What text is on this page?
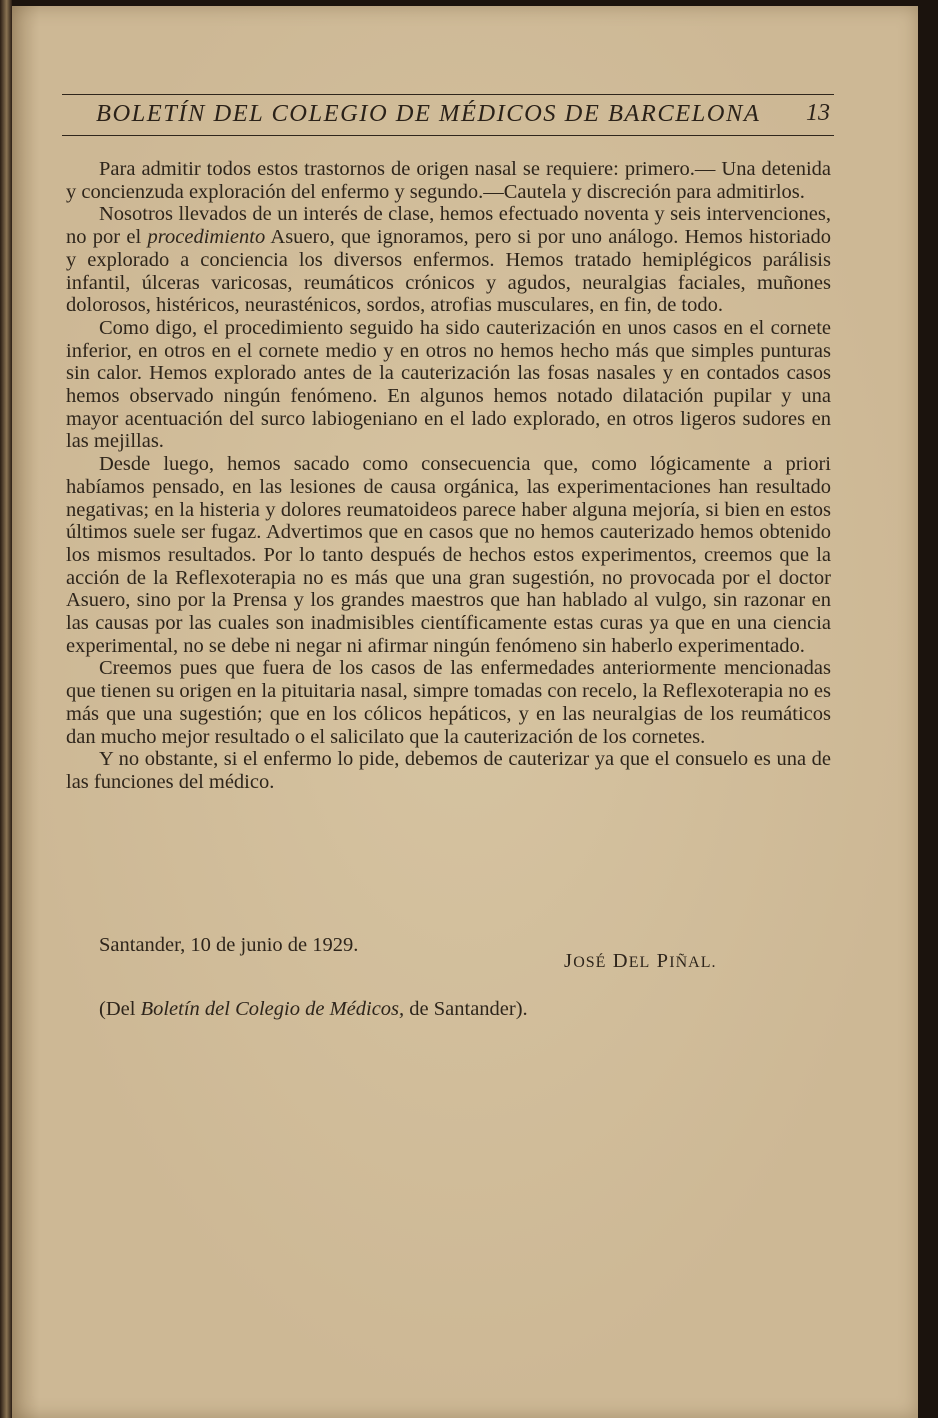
BOLETÍN DEL COLEGIO DE MÉDICOS DE BARCELONA 13

Para admitir todos estos trastornos de origen nasal se requiere: primero.— Una detenida y concienzuda exploración del enfermo y segundo.—Cautela y discreción para admitirlos.

Nosotros llevados de un interés de clase, hemos efectuado noventa y seis intervenciones, no por el procedimiento Asuero, que ignoramos, pero si por uno análogo. Hemos historiado y explorado a conciencia los diversos enfermos. Hemos tratado hemiplégicos parálisis infantil, úlceras varicosas, reumáticos crónicos y agudos, neuralgias faciales, muñones dolorosos, histéricos, neurasténicos, sordos, atrofias musculares, en fin, de todo.

Como digo, el procedimiento seguido ha sido cauterización en unos casos en el cornete inferior, en otros en el cornete medio y en otros no hemos hecho más que simples punturas sin calor. Hemos explorado antes de la cauterización las fosas nasales y en contados casos hemos observado ningún fenómeno. En algunos hemos notado dilatación pupilar y una mayor acentuación del surco labiogeniano en el lado explorado, en otros ligeros sudores en las mejillas.

Desde luego, hemos sacado como consecuencia que, como lógicamente a priori habíamos pensado, en las lesiones de causa orgánica, las experimentaciones han resultado negativas; en la histeria y dolores reumatoideos parece haber alguna mejoría, si bien en estos últimos suele ser fugaz. Advertimos que en casos que no hemos cauterizado hemos obtenido los mismos resultados. Por lo tanto después de hechos estos experimentos, creemos que la acción de la Reflexoterapia no es más que una gran sugestión, no provocada por el doctor Asuero, sino por la Prensa y los grandes maestros que han hablado al vulgo, sin razonar en las causas por las cuales son inadmisibles científicamente estas curas ya que en una ciencia experimental, no se debe ni negar ni afirmar ningún fenómeno sin haberlo experimentado.

Creemos pues que fuera de los casos de las enfermedades anteriormente mencionadas que tienen su origen en la pituitaria nasal, simpre tomadas con recelo, la Reflexoterapia no es más que una sugestión; que en los cólicos hepáticos, y en las neuralgias de los reumáticos dan mucho mejor resultado o el salicilato que la cauterización de los cornetes.

Y no obstante, si el enfermo lo pide, debemos de cauterizar ya que el consuelo es una de las funciones del médico.

Santander, 10 de junio de 1929.
JOSÉ DEL PIÑAL.
(Del Boletín del Colegio de Médicos, de Santander).
